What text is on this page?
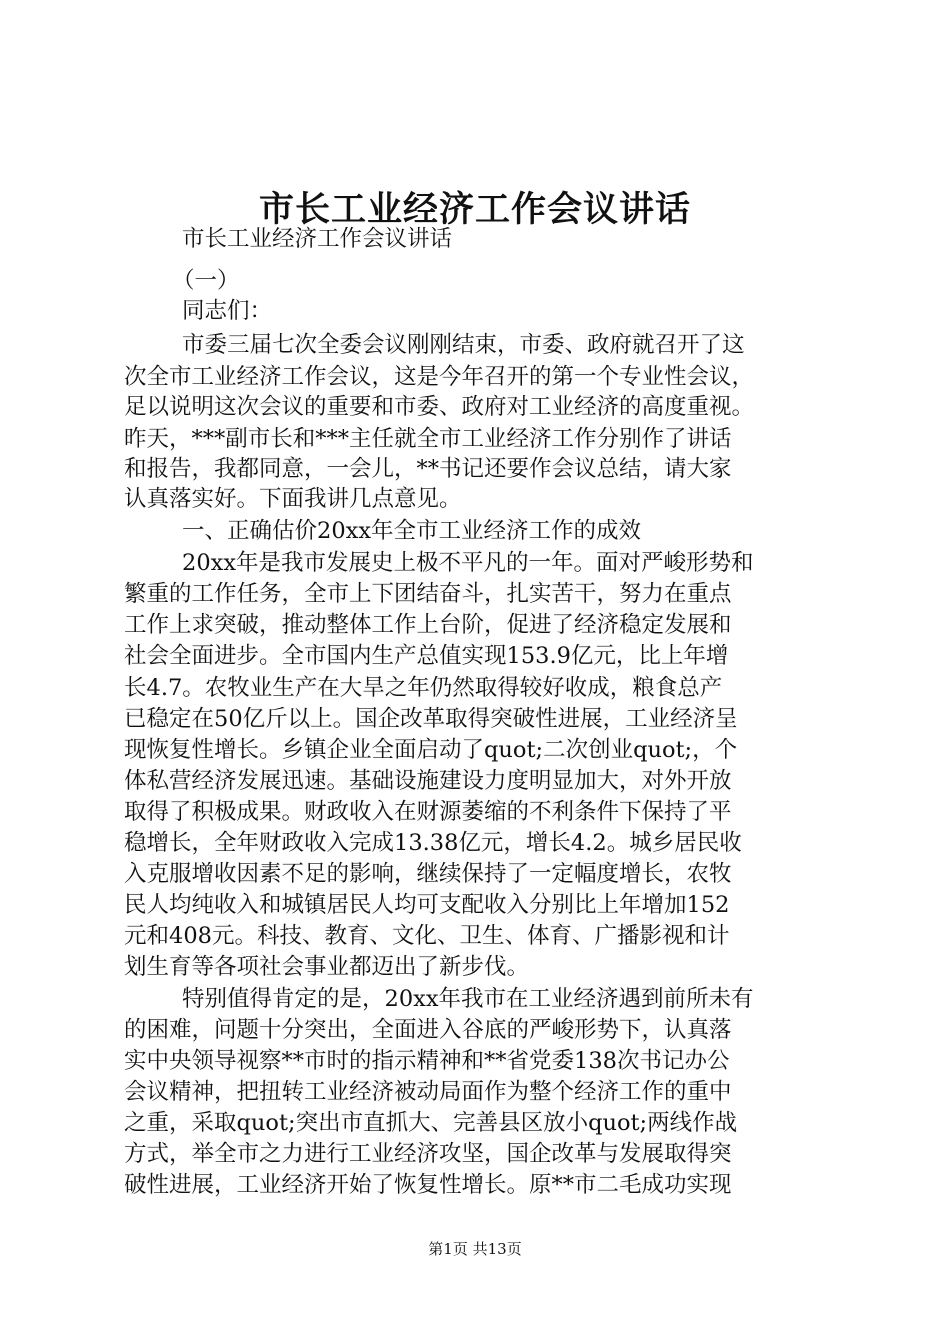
市长工业经济工作会议讲话
市长工业经济工作会议讲话
（一）
同志们：
市委三届七次全委会议刚刚结束，市委、政府就召开了这
次全市工业经济工作会议，这是今年召开的第一个专业性会议，
足以说明这次会议的重要和市委、政府对工业经济的高度重视。
昨天，***副市长和***主任就全市工业经济工作分别作了讲话
和报告，我都同意，一会儿，**书记还要作会议总结，请大家
认真落实好。下面我讲几点意见。
一、正确估价20xx年全市工业经济工作的成效
20xx年是我市发展史上极不平凡的一年。面对严峻形势和
繁重的工作任务，全市上下团结奋斗，扎实苦干，努力在重点
工作上求突破，推动整体工作上台阶，促进了经济稳定发展和
社会全面进步。全市国内生产总值实现153.9亿元，比上年增
长4.7。农牧业生产在大旱之年仍然取得较好收成，粮食总产
已稳定在50亿斤以上。国企改革取得突破性进展，工业经济呈
现恢复性增长。乡镇企业全面启动了quot;二次创业quot;，个
体私营经济发展迅速。基础设施建设力度明显加大，对外开放
取得了积极成果。财政收入在财源萎缩的不利条件下保持了平
稳增长，全年财政收入完成13.38亿元，增长4.2。城乡居民收
入克服增收因素不足的影响，继续保持了一定幅度增长，农牧
民人均纯收入和城镇居民人均可支配收入分别比上年增加152
元和408元。科技、教育、文化、卫生、体育、广播影视和计
划生育等各项社会事业都迈出了新步伐。
特别值得肯定的是，20xx年我市在工业经济遇到前所未有
的困难，问题十分突出，全面进入谷底的严峻形势下，认真落
实中央领导视察**市时的指示精神和**省党委138次书记办公
会议精神，把扭转工业经济被动局面作为整个经济工作的重中
之重，采取quot;突出市直抓大、完善县区放小quot;两线作战
方式，举全市之力进行工业经济攻坚，国企改革与发展取得突
破性进展，工业经济开始了恢复性增长。原**市二毛成功实现
第1页 共13页
